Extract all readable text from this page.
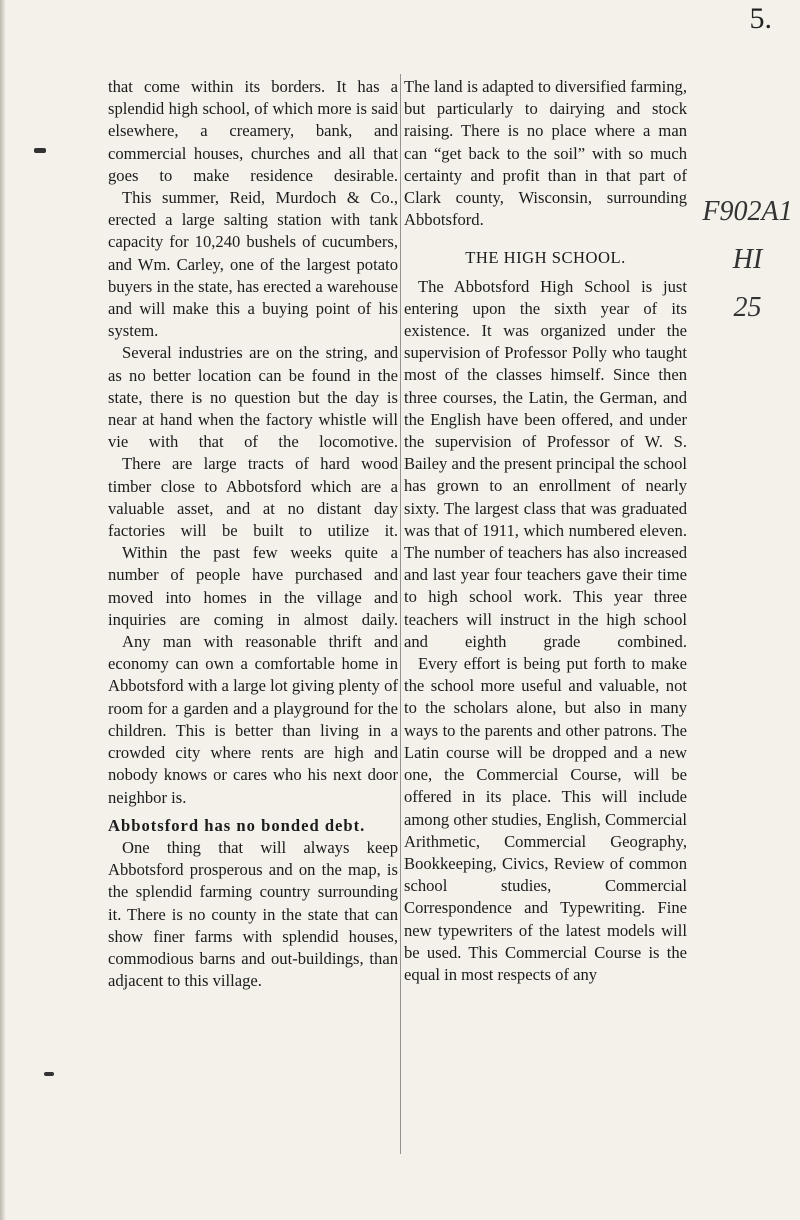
5.
F902A1
HI
25

that come within its borders. It has a splendid high school, of which more is said elsewhere, a creamery, bank, and commercial houses, churches and all that goes to make residence desirable.

This summer, Reid, Murdoch & Co., erected a large salting station with tank capacity for 10,240 bushels of cucumbers, and Wm. Carley, one of the largest potato buyers in the state, has erected a warehouse and will make this a buying point of his system.

Several industries are on the string, and as no better location can be found in the state, there is no question but the day is near at hand when the factory whistle will vie with that of the locomotive.

There are large tracts of hard wood timber close to Abbotsford which are a valuable asset, and at no distant day factories will be built to utilize it.

Within the past few weeks quite a number of people have purchased and moved into homes in the village and inquiries are coming in almost daily.

Any man with reasonable thrift and economy can own a comfortable home in Abbotsford with a large lot giving plenty of room for a garden and a playground for the children. This is better than living in a crowded city where rents are high and nobody knows or cares who his next door neighbor is.

Abbotsford has no bonded debt.

One thing that will always keep Abbotsford prosperous and on the map, is the splendid farming country surrounding it. There is no county in the state that can show finer farms with splendid houses, commodious barns and out-buildings, than adjacent to this village.

The land is adapted to diversified farming, but particularly to dairying and stock raising. There is no place where a man can “get back to the soil” with so much certainty and profit than in that part of Clark county, Wisconsin, surrounding Abbotsford.

THE HIGH SCHOOL.

The Abbotsford High School is just entering upon the sixth year of its existence. It was organized under the supervision of Professor Polly who taught most of the classes himself. Since then three courses, the Latin, the German, and the English have been offered, and under the supervision of Professor of W. S. Bailey and the present principal the school has grown to an enrollment of nearly sixty. The largest class that was graduated was that of 1911, which numbered eleven. The number of teachers has also increased and last year four teachers gave their time to high school work. This year three teachers will instruct in the high school and eighth grade combined.

Every effort is being put forth to make the school more useful and valuable, not to the scholars alone, but also in many ways to the parents and other patrons. The Latin course will be dropped and a new one, the Commercial Course, will be offered in its place. This will include among other studies, English, Commercial Arithmetic, Commercial Geography, Bookkeeping, Civics, Review of common school studies, Commercial Correspondence and Typewriting. Fine new typewriters of the latest models will be used. This Commercial Course is the equal in most respects of any
